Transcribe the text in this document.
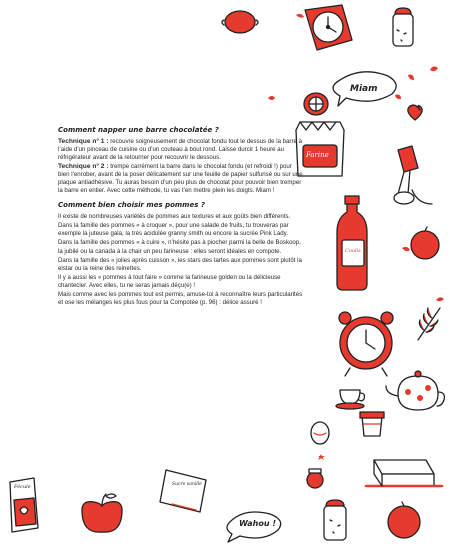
Miam
Farine
Coulis
Fécule	Sucre vanille
Wahou !
Comment napper une barre chocolatée ?

Technique n° 1 : recouvre soigneusement de chocolat fondu tout le dessus de la barre à l’aide d’un pinceau de cuisine ou d’un couteau à bout rond. Laisse durcir 1 heure au réfrigérateur avant de la retourner pour recouvrir le dessous.

Technique n° 2 : trempe carrément la barre dans le chocolat fondu (et refroidi !) pour bien l’enrober, avant de la poser délicatement sur une feuille de papier sulfurisé ou sur une plaque antiadhésive. Tu auras besoin d’un peu plus de chocolat pour pouvoir bien tremper la barre en entier. Avec cette méthode, tu vas t’en mettre plein les doigts. Miam !

Comment bien choisir mes pommes ?

Il existe de nombreuses variétés de pommes aux textures et aux goûts bien différents.

Dans la famille des pommes « à croquer », pour une salade de fruits, tu trouveras par exemple la juteuse gala, la très acidulée granny smith ou encore la sucrée Pink Lady.

Dans la famille des pommes « à cuire », n’hésite pas à piocher parmi la belle de Boskoop, la jubilé ou la canada à la chair un peu farineuse : elles seront idéales en compote.

Dans la famille des « jolies après cuisson », les stars des tartes aux pommes sont plutôt la elstar ou la reine des reinettes.

Il y a aussi les « pommes à tout faire » comme la farineuse golden ou la délicieuse chantecler. Avec elles, tu ne seras jamais déçu(e) !

Mais comme avec les pommes tout est permis, amuse-toi à reconnaître leurs particularités et ose les mélanges les plus fous pour ta Compotée (p. 96) : délice assuré !
